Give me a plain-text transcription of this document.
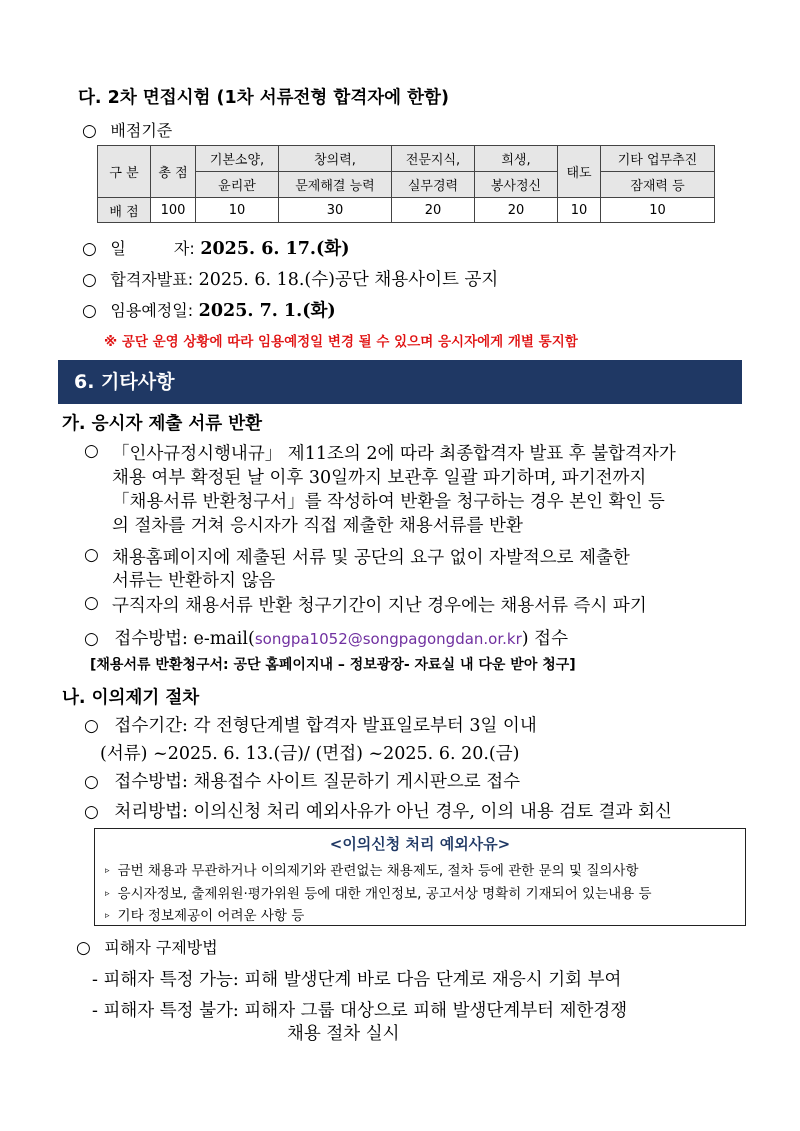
다. 2차 면접시험 (1차 서류전형 합격자에 한함)
○ 배점기준
구 분	총 점	기본소양,	창의력,	전문지식,	희생,	태도	기타 업무추진
		윤리관	문제해결 능력	실무경력	봉사정신		잠재력 등
배 점	100	10	30	20	20	10	10
○ 일　　　자: 2025. 6. 17.(화)
○ 합격자발표: 2025. 6. 18.(수)공단 채용사이트 공지
○ 임용예정일: 2025. 7. 1.(화)
※ 공단 운영 상황에 따라 임용예정일 변경 될 수 있으며 응시자에게 개별 통지함
6. 기타사항
가. 응시자 제출 서류 반환
○ 「인사규정시행내규」 제11조의 2에 따라 최종합격자 발표 후 불합격자가
채용 여부 확정된 날 이후 30일까지 보관후 일괄 파기하며, 파기전까지
「채용서류 반환청구서」를 작성하여 반환을 청구하는 경우 본인 확인 등
의 절차를 거쳐 응시자가 직접 제출한 채용서류를 반환
○ 채용홈페이지에 제출된 서류 및 공단의 요구 없이 자발적으로 제출한
서류는 반환하지 않음
○ 구직자의 채용서류 반환 청구기간이 지난 경우에는 채용서류 즉시 파기
○ 접수방법: e-mail(songpa1052@songpagongdan.or.kr) 접수
[채용서류 반환청구서: 공단 홈페이지내 – 정보광장- 자료실 내 다운 받아 청구]
나. 이의제기 절차
○ 접수기간: 각 전형단계별 합격자 발표일로부터 3일 이내
(서류) ~2025. 6. 13.(금)/ (면접) ~2025. 6. 20.(금)
○ 접수방법: 채용접수 사이트 질문하기 게시판으로 접수
○ 처리방법: 이의신청 처리 예외사유가 아닌 경우, 이의 내용 검토 결과 회신
<이의신청 처리 예외사유>
▹ 금번 채용과 무관하거나 이의제기와 관련없는 채용제도, 절차 등에 관한 문의 및 질의사항
▹ 응시자정보, 출제위원·평가위원 등에 대한 개인정보, 공고서상 명확히 기재되어 있는내용 등
▹ 기타 정보제공이 어려운 사항 등
○ 피해자 구제방법
- 피해자 특정 가능: 피해 발생단계 바로 다음 단계로 재응시 기회 부여
- 피해자 특정 불가: 피해자 그룹 대상으로 피해 발생단계부터 제한경쟁
채용 절차 실시
